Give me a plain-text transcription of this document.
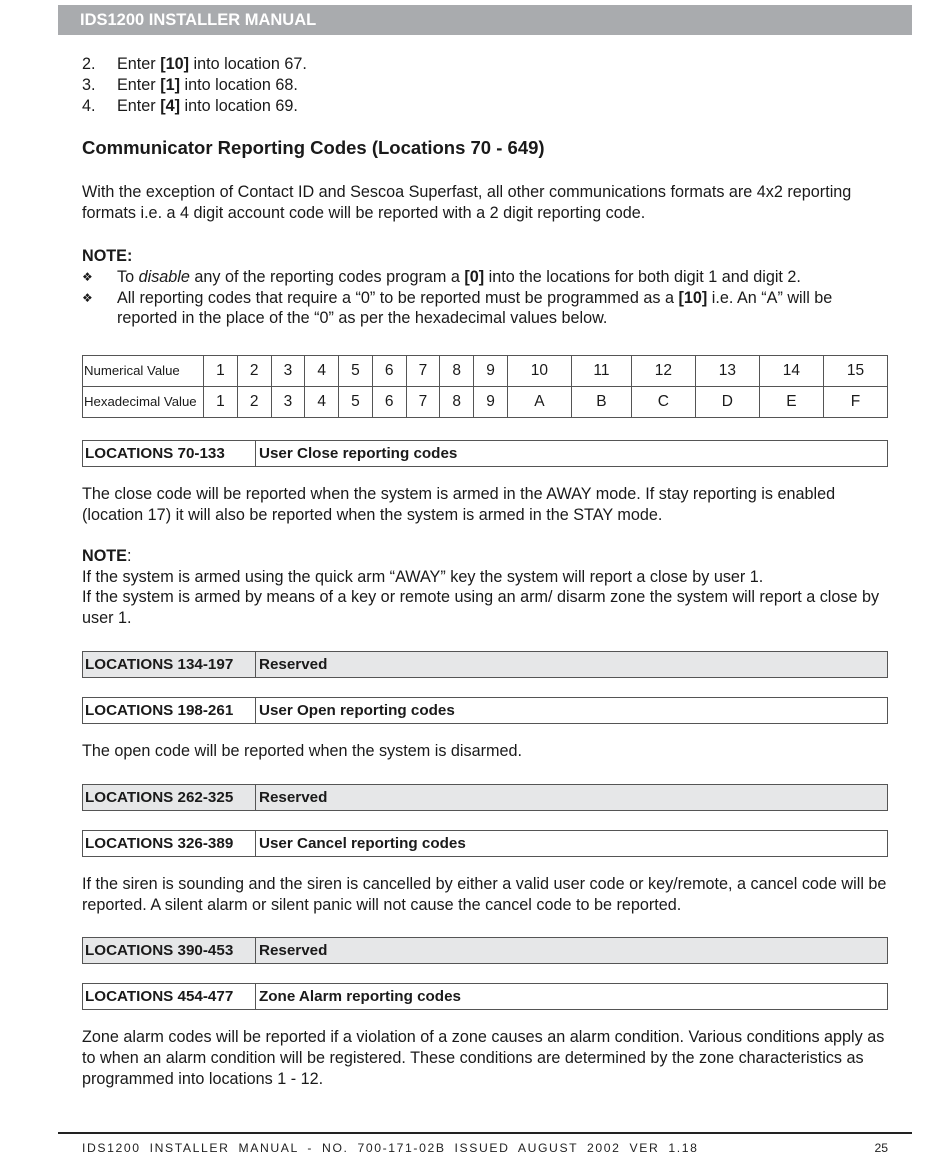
IDS1200 INSTALLER MANUAL
2.	Enter [10] into location 67.
3.	Enter [1] into location 68.
4.	Enter [4] into location 69.
Communicator Reporting Codes (Locations 70 - 649)

With the exception of Contact ID and Sescoa Superfast, all other communications formats are 4x2 reporting formats i.e. a 4 digit account code will be reported with a 2 digit reporting code.

NOTE:
❖	To disable any of the reporting codes program a [0] into the locations for both digit 1 and digit 2.
❖	All reporting codes that require a “0” to be reported must be programmed as a [10] i.e. An “A” will be reported in the place of the “0” as per the hexadecimal values below.
Numerical Value	1	2	3	4	5	6	7	8	9	10	11	12	13	14	15
Hexadecimal Value	1	2	3	4	5	6	7	8	9	A	B	C	D	E	F
LOCATIONS 70-133	User Close reporting codes

The close code will be reported when the system is armed in the AWAY mode. If stay reporting is enabled (location 17) it will also be reported when the system is armed in the STAY mode.

NOTE:

If the system is armed using the quick arm “AWAY” key the system will report a close by user 1.

If the system is armed by means of a key or remote using an arm/ disarm zone the system will report a close by user 1.

LOCATIONS 134-197	Reserved
LOCATIONS 198-261	User Open reporting codes

The open code will be reported when the system is disarmed.

LOCATIONS 262-325	Reserved
LOCATIONS 326-389	User Cancel reporting codes

If the siren is sounding and the siren is cancelled by either a valid user code or key/remote, a cancel code will be reported. A silent alarm or silent panic will not cause the cancel code to be reported.

LOCATIONS 390-453	Reserved
LOCATIONS 454-477	Zone Alarm reporting codes

Zone alarm codes will be reported if a violation of a zone causes an alarm condition. Various conditions apply as to when an alarm condition will be registered. These conditions are determined by the zone characteristics as programmed into locations 1 - 12.

IDS1200 INSTALLER MANUAL - NO. 700-171-02B ISSUED AUGUST 2002 VER 1.18	25
